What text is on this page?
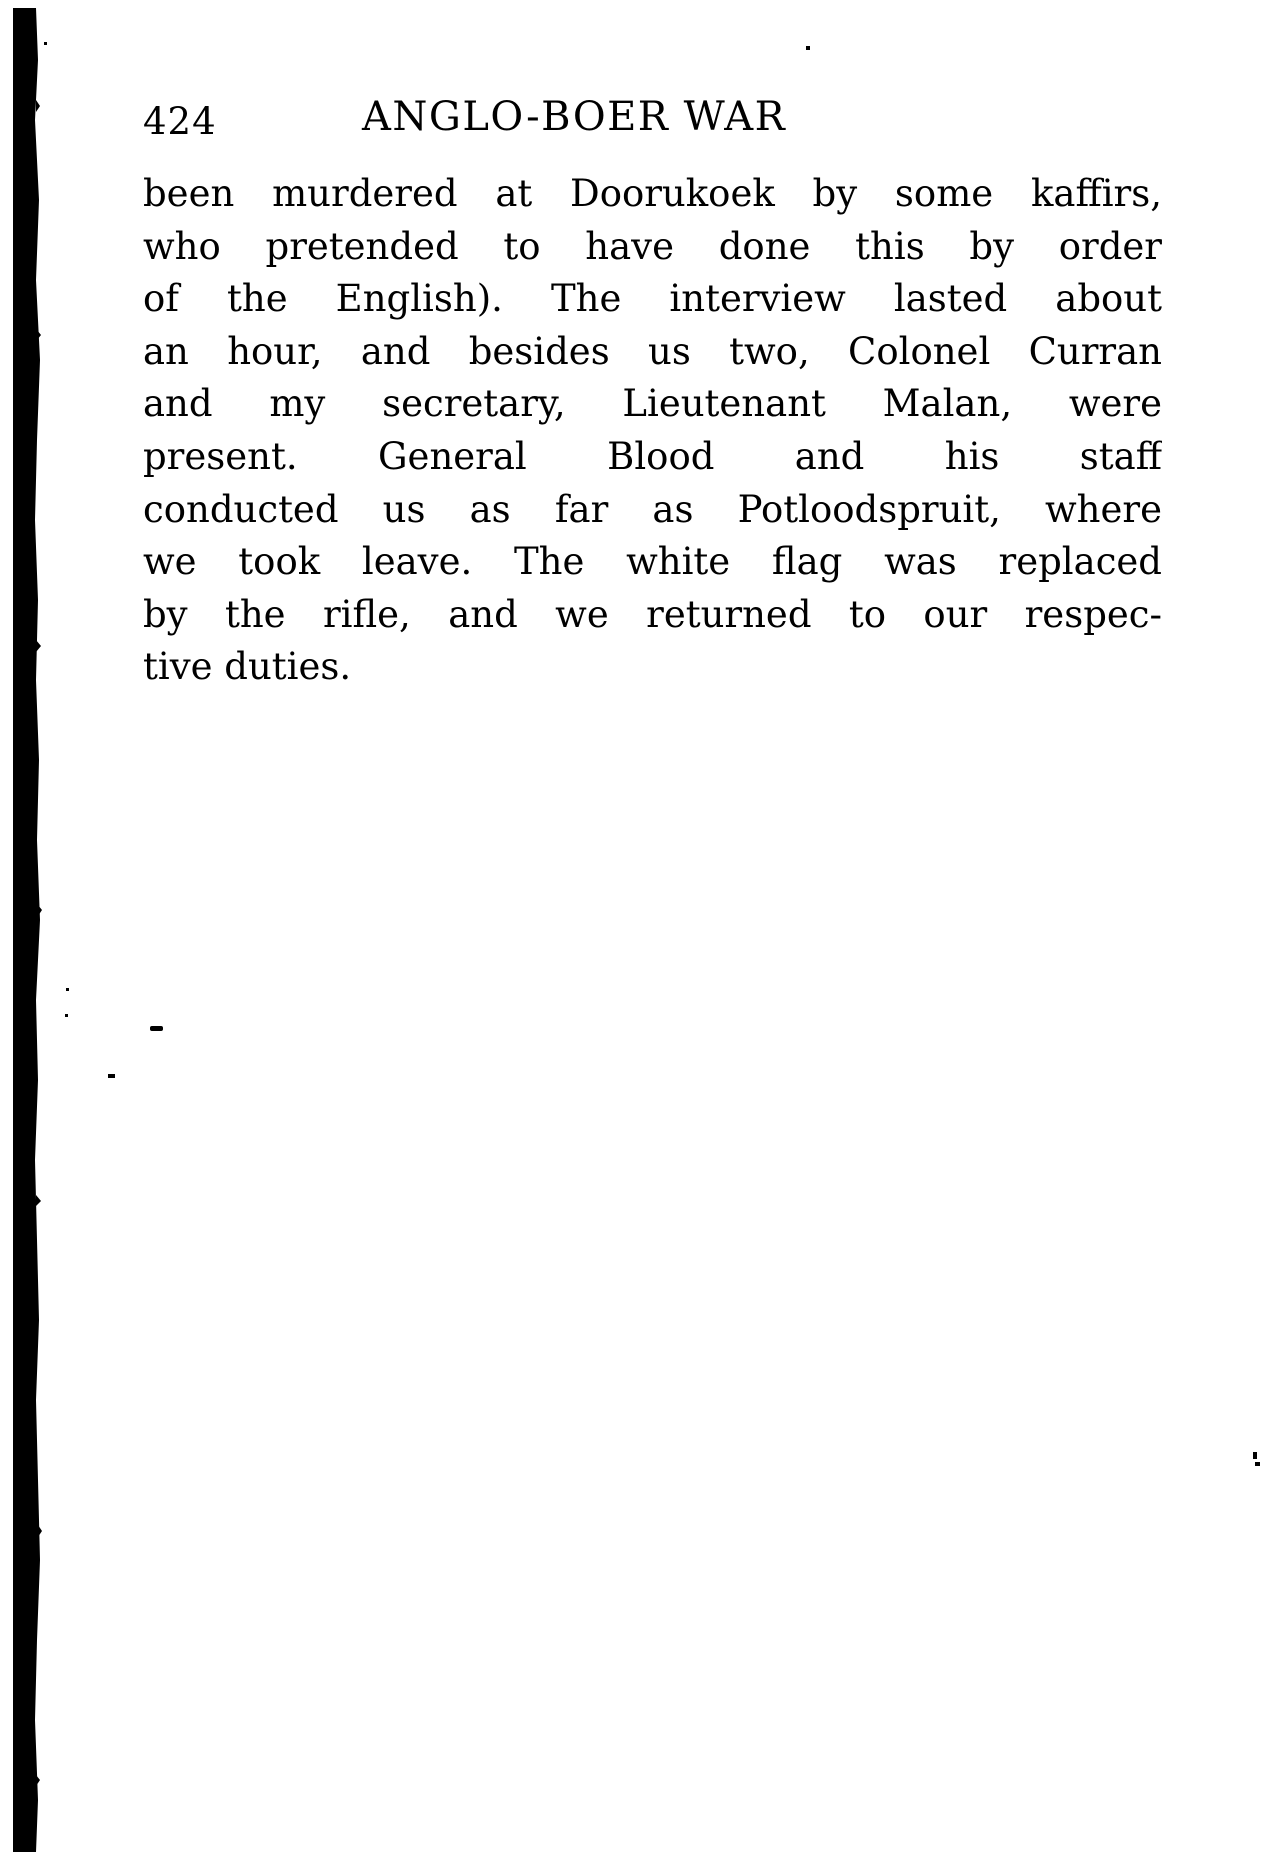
424	ANGLO-BOER WAR
been murdered at Doorukoek by some kaffirs,
who pretended to have done this by order
of the English). The interview lasted about
an hour, and besides us two, Colonel Curran
and my secretary, Lieutenant Malan, were
present. General Blood and his staff
conducted us as far as Potloodspruit, where
we took leave. The white flag was replaced
by the rifle, and we returned to our respec-
tive duties.
